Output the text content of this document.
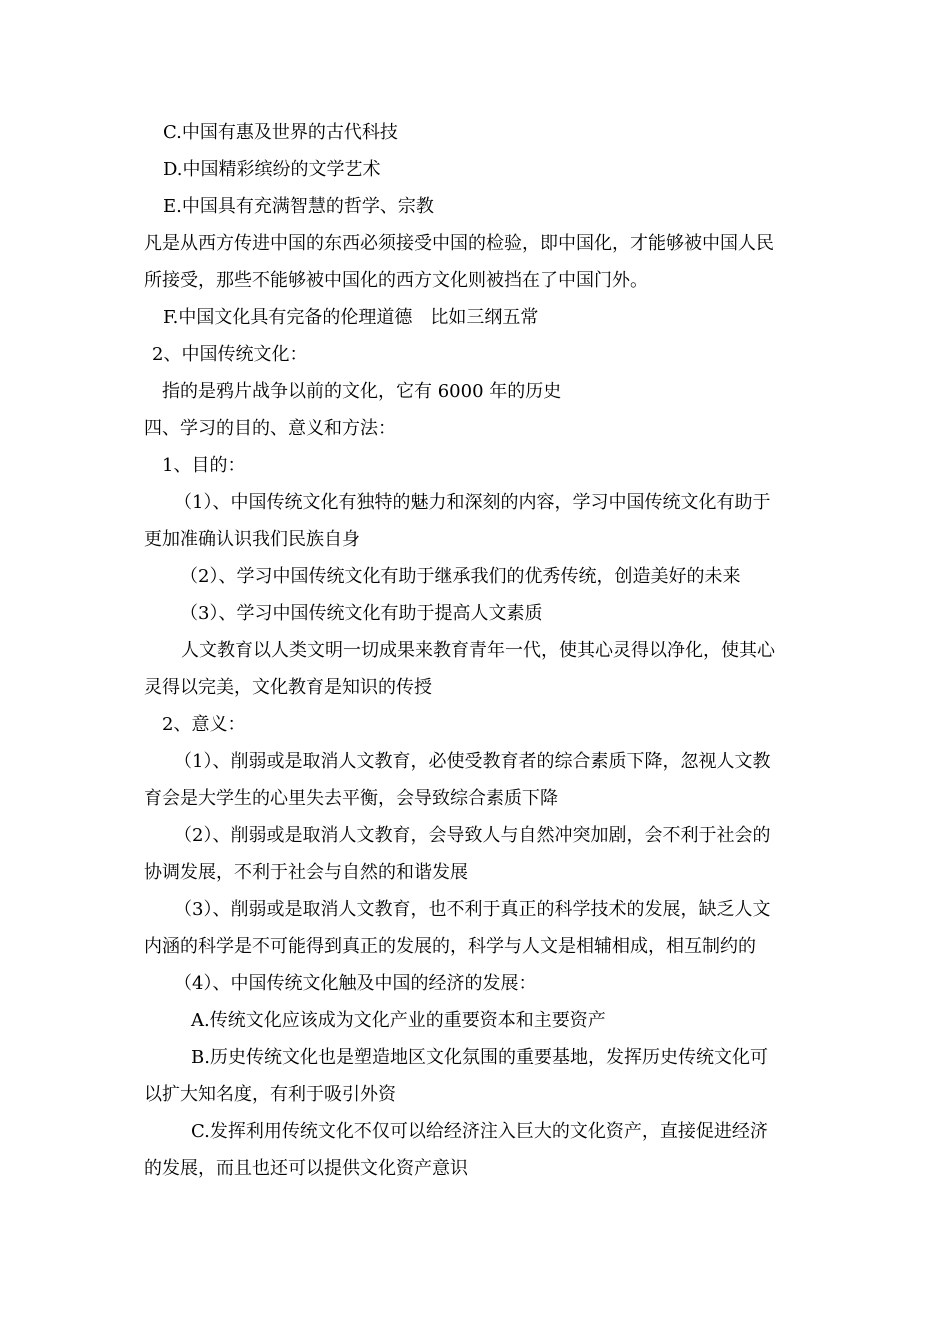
C.中国有惠及世界的古代科技
D.中国精彩缤纷的文学艺术
E.中国具有充满智慧的哲学、宗教
凡是从西方传进中国的东西必须接受中国的检验，即中国化，才能够被中国人民
所接受，那些不能够被中国化的西方文化则被挡在了中国门外。
F.中国文化具有完备的伦理道德　比如三纲五常
2、中国传统文化：
指的是鸦片战争以前的文化，它有 6000 年的历史
四、学习的目的、意义和方法：
1、目的：
（1）、中国传统文化有独特的魅力和深刻的内容，学习中国传统文化有助于
更加准确认识我们民族自身
（2）、学习中国传统文化有助于继承我们的优秀传统，创造美好的未来
（3）、学习中国传统文化有助于提高人文素质
人文教育以人类文明一切成果来教育青年一代，使其心灵得以净化，使其心
灵得以完美，文化教育是知识的传授
2、意义：
（1）、削弱或是取消人文教育，必使受教育者的综合素质下降，忽视人文教
育会是大学生的心里失去平衡，会导致综合素质下降
（2）、削弱或是取消人文教育，会导致人与自然冲突加剧，会不利于社会的
协调发展，不利于社会与自然的和谐发展
（3）、削弱或是取消人文教育，也不利于真正的科学技术的发展，缺乏人文
内涵的科学是不可能得到真正的发展的，科学与人文是相辅相成，相互制约的
（4）、中国传统文化触及中国的经济的发展：
A.传统文化应该成为文化产业的重要资本和主要资产
B.历史传统文化也是塑造地区文化氛围的重要基地，发挥历史传统文化可
以扩大知名度，有利于吸引外资
C.发挥利用传统文化不仅可以给经济注入巨大的文化资产，直接促进经济
的发展，而且也还可以提供文化资产意识
